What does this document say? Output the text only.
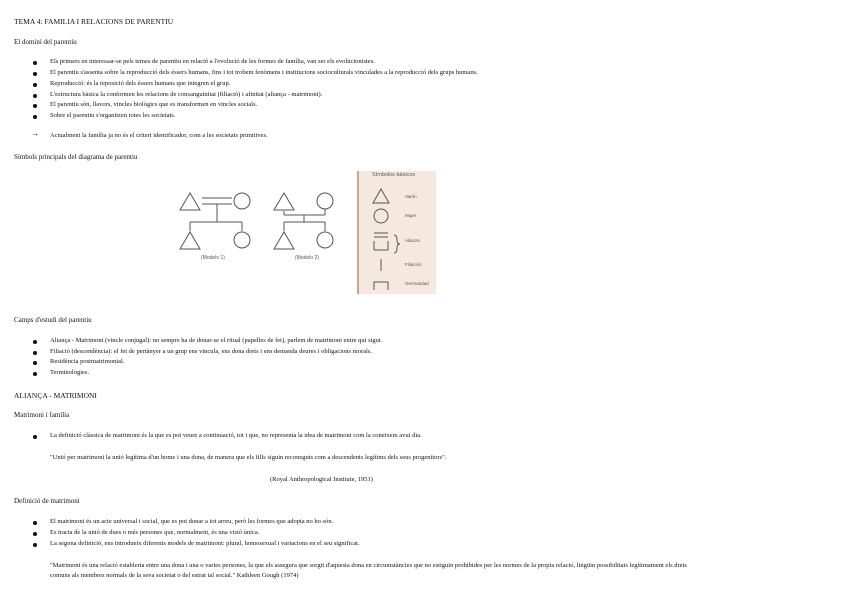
TEMA 4: FAMILIA I RELACIONS DE PARENTIU
El domini del parentiu
Els primers en interessar-se pels temes de parentiu en relació a l'evolució de les formes de família, van ser els evolucionistes.
El parentiu s'assenta sobre la reproducció dels éssers humans, fins i tot trobem fenòmens i institucions socioculturals vinculades a la reproducció dels grups humans.
Reproducció: és la reposició dels éssers humans que integren el grup.
L'estructura bàsica la conformen les relacions de consanguinitat (filiació) i afinitat (aliança - matrimoni).
El parentiu són, llavors, vincles biològics que es transformen en vincles socials.
Sobre el parentiu s'organitzen totes les societats.
→ Actualment la família ja no és el criteri identificador, com a les societats primitives.
Símbols principals del diagrama de parentiu
(Modelo 1)	(Modelo 2)
Símbolos básicos
Varón
Mujer
Alianza
Filiación
Germandad
Camps d'estudi del parentiu
Aliança - Matrimoni (vincle conjugal): no sempre ha de donar-se el ritual (papelles de fet), parlem de matrimoni entre qui sigui.
Filiació (descendència): el fet de pertànyer a un grup ens vincula, ens dona drets i ens demanda deures i obligacions morals.
Residència postmatrimonial.
Terminologies.
ALIANÇA - MATRIMONI
Matrimoni i família
La definició clàssica de matrimoni és la que es pot veure a continuació, tot i que, no representa la idea de matrimoni com la coneixem avui dia.
"Unió per matrimoni la unió legítima d'un home i una dona, de manera que els fills siguin reconeguts com a descendents legítims dels seus progenitors".
(Royal Anthropological Institute, 1951)
Definició de matrimoni
El matrimoni és un acte universal i social, que es pot donar a tot arreu, però les formes que adopta no ho són.
Es tracta de la unió de dues o més persones que, normalment, és una visió única.
La segona definició, ens introdueix diferents models de matrimoni: plural, homosexual i variacions en el seu significat.
"Matrimoni és una relació establerta entre una dona i una o varies persones, la que els assegura que sorgit d'aquesta dona en circumstàncies que no estiguin prohibides per les normes de la propia relació, lingüin possibilitats legítimament els drets
comuns als membres normals de la seva societat o del estrat tal social." Kathleen Gough (1974)
